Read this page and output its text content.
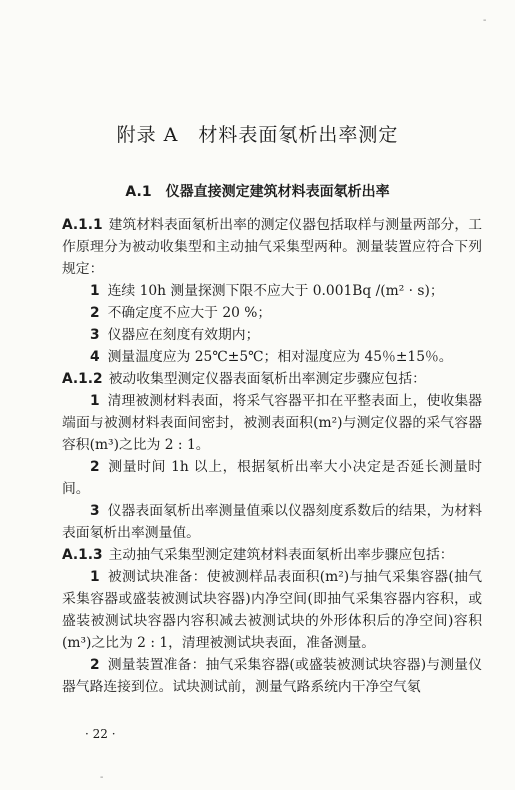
-
-
附录 A　材料表面氡析出率测定
A.1　仪器直接测定建筑材料表面氡析出率

A.1.1 建筑材料表面氡析出率的测定仪器包括取样与测量两部分，工作原理分为被动收集型和主动抽气采集型两种。测量装置应符合下列规定：

1 连续 10h 测量探测下限不应大于 0.001Bq /(m² · s)；

2 不确定度不应大于 20 %；

3 仪器应在刻度有效期内；

4 测量温度应为 25℃±5℃；相对湿度应为 45％±15％。

A.1.2 被动收集型测定仪器表面氡析出率测定步骤应包括：

1 清理被测材料表面，将采气容器平扣在平整表面上，使收集器端面与被测材料表面间密封，被测表面积(m²)与测定仪器的采气容器容积(m³)之比为 2 : 1。

2 测量时间 1h 以上，根据氡析出率大小决定是否延长测量时间。

3 仪器表面氡析出率测量值乘以仪器刻度系数后的结果，为材料表面氡析出率测量值。

A.1.3 主动抽气采集型测定建筑材料表面氡析出率步骤应包括：

1 被测试块准备：使被测样品表面积(m²)与抽气采集容器(抽气采集容器或盛装被测试块容器)内净空间(即抽气采集容器内容积，或盛装被测试块容器内容积减去被测试块的外形体积后的净空间)容积(m³)之比为 2 : 1，清理被测试块表面，准备测量。

2 测量装置准备：抽气采集容器(或盛装被测试块容器)与测量仪器气路连接到位。试块测试前，测量气路系统内干净空气氡

· 22 ·
